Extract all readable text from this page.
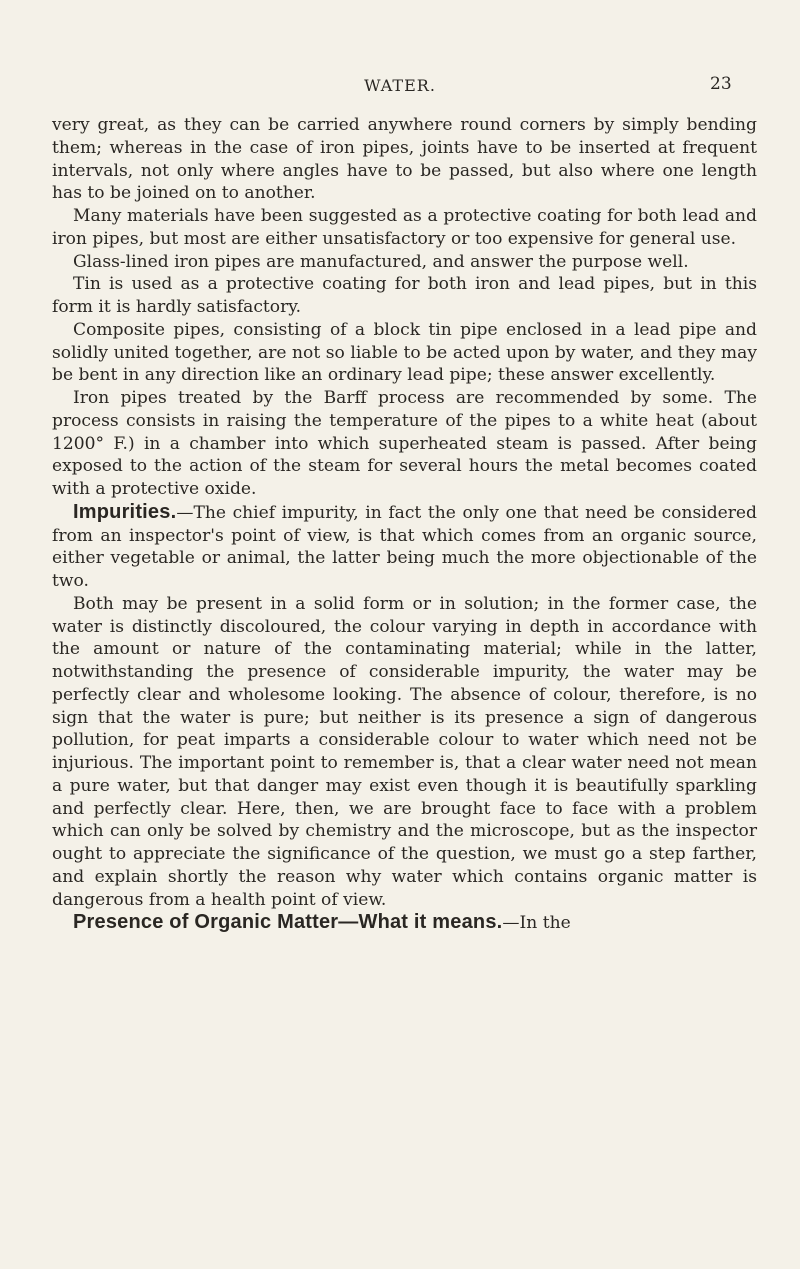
WATER.	23

very great, as they can be carried anywhere round corners by simply bending them; whereas in the case of iron pipes, joints have to be inserted at frequent intervals, not only where angles have to be passed, but also where one length has to be joined on to another.

Many materials have been suggested as a protective coating for both lead and iron pipes, but most are either unsatisfactory or too expensive for general use.

Glass-lined iron pipes are manufactured, and answer the purpose well.

Tin is used as a protective coating for both iron and lead pipes, but in this form it is hardly satisfactory.

Composite pipes, consisting of a block tin pipe enclosed in a lead pipe and solidly united together, are not so liable to be acted upon by water, and they may be bent in any direction like an ordinary lead pipe; these answer excellently.

Iron pipes treated by the Barff process are recommended by some. The process consists in raising the temperature of the pipes to a white heat (about 1200° F.) in a chamber into which superheated steam is passed. After being exposed to the action of the steam for several hours the metal becomes coated with a protective oxide.

Impurities.—The chief impurity, in fact the only one that need be considered from an inspector's point of view, is that which comes from an organic source, either vegetable or animal, the latter being much the more objectionable of the two.

Both may be present in a solid form or in solution; in the former case, the water is distinctly discoloured, the colour varying in depth in accordance with the amount or nature of the contaminating material; while in the latter, notwithstanding the presence of considerable impurity, the water may be perfectly clear and wholesome looking. The absence of colour, therefore, is no sign that the water is pure; but neither is its presence a sign of dangerous pollution, for peat imparts a considerable colour to water which need not be injurious. The important point to remember is, that a clear water need not mean a pure water, but that danger may exist even though it is beautifully sparkling and perfectly clear. Here, then, we are brought face to face with a problem which can only be solved by chemistry and the microscope, but as the inspector ought to appreciate the significance of the question, we must go a step farther, and explain shortly the reason why water which contains organic matter is dangerous from a health point of view.

Presence of Organic Matter—What it means.—In the
